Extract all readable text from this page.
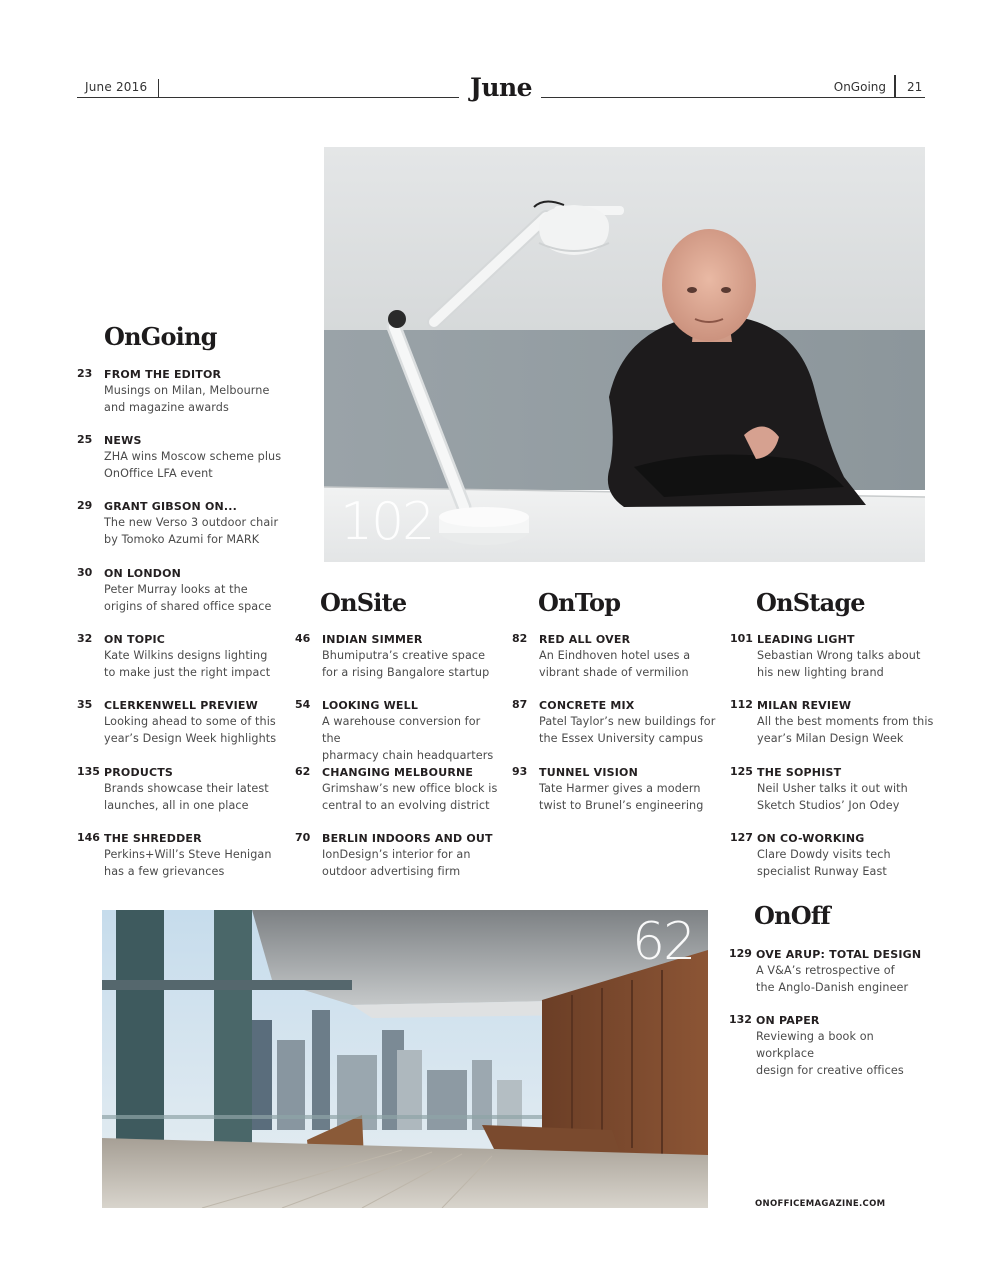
June 2016	June	OnGoing 21
102
62
OnGoing
OnSite	OnTop	OnStage
OnOff
23 FROM THE EDITOR
Musings on Milan, Melbourne
and magazine awards
25 NEWS
ZHA wins Moscow scheme plus
OnOffice LFA event
29 GRANT GIBSON ON...
The new Verso 3 outdoor chair
by Tomoko Azumi for MARK
30 ON LONDON
Peter Murray looks at the
origins of shared office space
32 ON TOPIC
Kate Wilkins designs lighting
to make just the right impact
35 CLERKENWELL PREVIEW
Looking ahead to some of this
year’s Design Week highlights
135 PRODUCTS
Brands showcase their latest
launches, all in one place
146 THE SHREDDER
Perkins+Will’s Steve Henigan
has a few grievances
46 INDIAN SIMMER
Bhumiputra’s creative space
for a rising Bangalore startup
54 LOOKING WELL
A warehouse conversion for the
pharmacy chain headquarters
62 CHANGING MELBOURNE
Grimshaw’s new office block is
central to an evolving district
70 BERLIN INDOORS AND OUT
IonDesign’s interior for an
outdoor advertising firm
82 RED ALL OVER
An Eindhoven hotel uses a
vibrant shade of vermilion
87 CONCRETE MIX
Patel Taylor’s new buildings for
the Essex University campus
93 TUNNEL VISION
Tate Harmer gives a modern
twist to Brunel’s engineering
101 LEADING LIGHT
Sebastian Wrong talks about
his new lighting brand
112 MILAN REVIEW
All the best moments from this
year’s Milan Design Week
125 THE SOPHIST
Neil Usher talks it out with
Sketch Studios’ Jon Odey
127 ON CO-WORKING
Clare Dowdy visits tech
specialist Runway East
129 OVE ARUP: TOTAL DESIGN
A V&A’s retrospective of
the Anglo-Danish engineer
132 ON PAPER
Reviewing a book on workplace
design for creative offices
ONOFFICEMAGAZINE.COM
